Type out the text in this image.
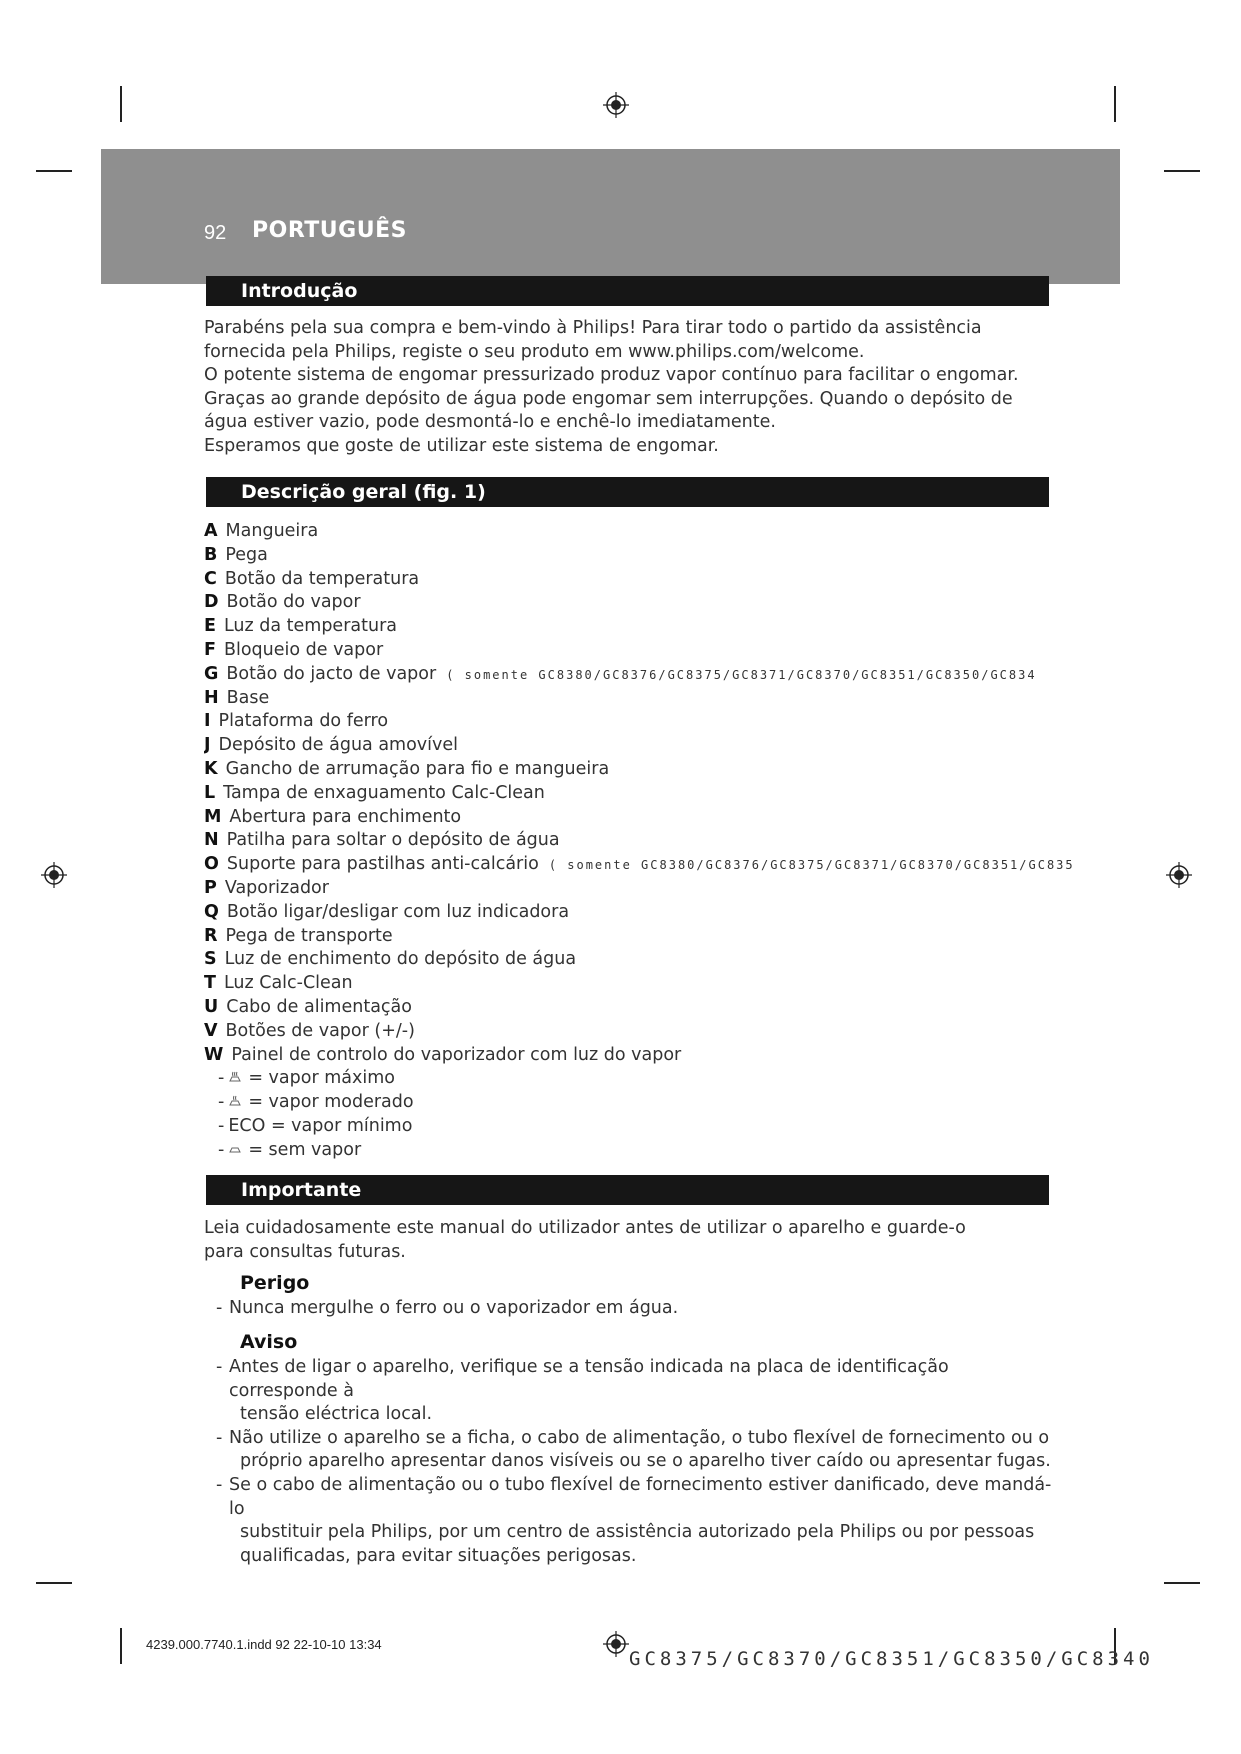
92 PORTUGUÊS
Introdução

Parabéns pela sua compra e bem-vindo à Philips! Para tirar todo o partido da assistência fornecida pela Philips, registe o seu produto em www.philips.com/welcome.

O potente sistema de engomar pressurizado produz vapor contínuo para facilitar o engomar. Graças ao grande depósito de água pode engomar sem interrupções. Quando o depósito de água estiver vazio, pode desmontá-lo e enchê-lo imediatamente.

Esperamos que goste de utilizar este sistema de engomar.

Descrição geral (fig. 1)
A Mangueira
B Pega
C Botão da temperatura
D Botão do vapor
E Luz da temperatura
F Bloqueio de vapor
G Botão do jacto de vapor ( somente GC8380/GC8376/GC8375/GC8371/GC8370/GC8351/GC8350/GC834
H Base
I Plataforma do ferro
J Depósito de água amovível
K Gancho de arrumação para fio e mangueira
L Tampa de enxaguamento Calc-Clean
M Abertura para enchimento
N Patilha para soltar o depósito de água
O Suporte para pastilhas anti-calcário ( somente GC8380/GC8376/GC8375/GC8371/GC8370/GC8351/GC835
P Vaporizador
Q Botão ligar/desligar com luz indicadora
R Pega de transporte
S Luz de enchimento do depósito de água
T Luz Calc-Clean
U Cabo de alimentação
V Botões de vapor (+/-)
W Painel de controlo do vaporizador com luz do vapor
- = vapor máximo
- = vapor moderado
- ECO = vapor mínimo
- = sem vapor
Importante

Leia cuidadosamente este manual do utilizador antes de utilizar o aparelho e guarde-o para consultas futuras.

Perigo
- Nunca mergulhe o ferro ou o vaporizador em água.
Aviso
- Antes de ligar o aparelho, verifique se a tensão indicada na placa de identificação corresponde à
tensão eléctrica local.
- Não utilize o aparelho se a ficha, o cabo de alimentação, o tubo flexível de fornecimento ou o
próprio aparelho apresentar danos visíveis ou se o aparelho tiver caído ou apresentar fugas.
- Se o cabo de alimentação ou o tubo flexível de fornecimento estiver danificado, deve mandá-lo
substituir pela Philips, por um centro de assistência autorizado pela Philips ou por pessoas
qualificadas, para evitar situações perigosas.
4239.000.7740.1.indd 92 22-10-10 13:34
GC8375/GC8370/GC8351/GC8350/GC8340
